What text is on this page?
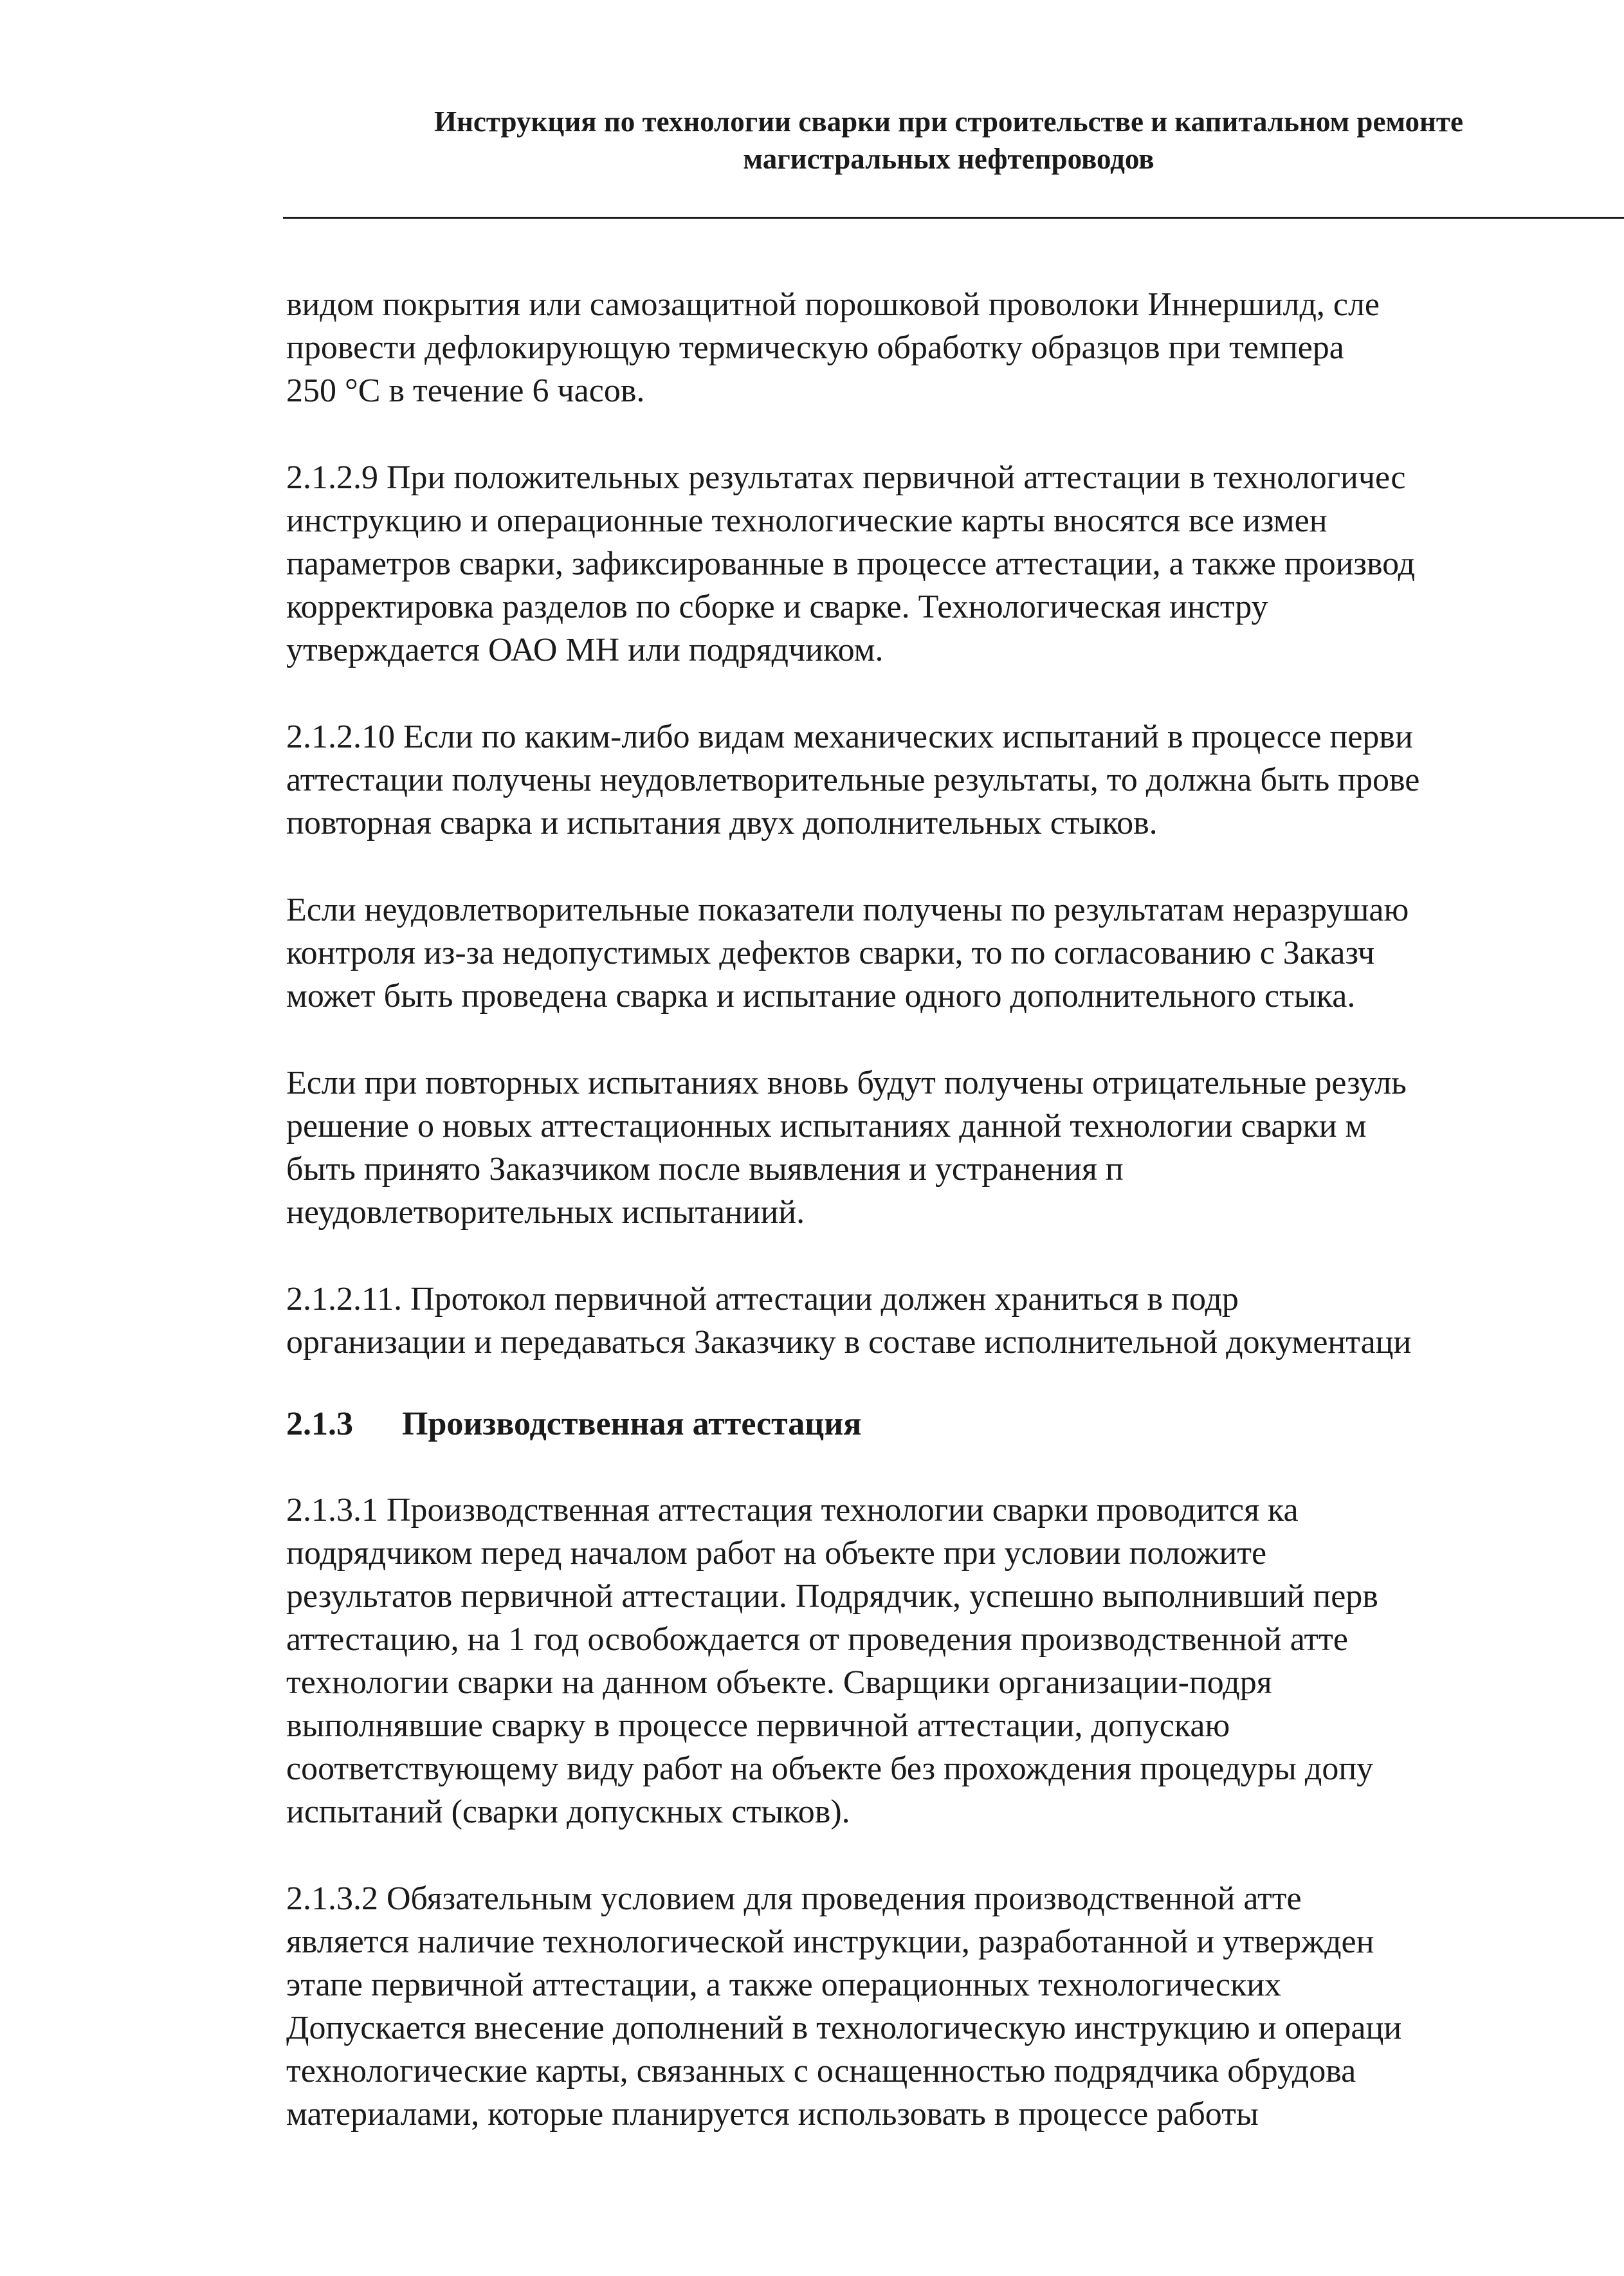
Инструкция по технологии сварки при строительстве и капитальном ремонте
магистральных нефтепроводов

видом покрытия или самозащитной порошковой проволоки Иннершилд, сле
провести дефлокирующую термическую обработку образцов при темпера
250 °С в течение 6 часов.

2.1.2.9 При положительных результатах первичной аттестации в технологичес
инструкцию и операционные технологические карты вносятся все измен
параметров сварки, зафиксированные в процессе аттестации, а также производ
корректировка разделов по сборке и сварке. Технологическая инстру
утверждается ОАО МН или подрядчиком.

2.1.2.10 Если по каким-либо видам механических испытаний в процессе перви
аттестации получены неудовлетворительные результаты, то должна быть прове
повторная сварка и испытания двух дополнительных стыков.

Если неудовлетворительные показатели получены по результатам неразрушаю
контроля из-за недопустимых дефектов сварки, то по согласованию с Заказч
может быть проведена сварка и испытание одного дополнительного стыка.

Если при повторных испытаниях вновь будут получены отрицательные резуль
решение о новых аттестационных испытаниях данной технологии сварки м
быть принято Заказчиком после выявления и устранения п
неудовлетворительных испытаниий.

2.1.2.11. Протокол первичной аттестации должен храниться в подр
организации и передаваться Заказчику в составе исполнительной документаци

2.1.3 Производственная аттестация

2.1.3.1 Производственная аттестация технологии сварки проводится ка
подрядчиком перед началом работ на объекте при условии положите
результатов первичной аттестации. Подрядчик, успешно выполнивший перв
аттестацию, на 1 год освобождается от проведения производственной атте
технологии сварки на данном объекте. Сварщики организации-подря
выполнявшие сварку в процессе первичной аттестации, допускаю
соответствующему виду работ на объекте без прохождения процедуры допу
испытаний (сварки допускных стыков).

2.1.3.2 Обязательным условием для проведения производственной атте
является наличие технологической инструкции, разработанной и утвержден
этапе первичной аттестации, а также операционных технологических
Допускается внесение дополнений в технологическую инструкцию и операци
технологические карты, связанных с оснащенностью подрядчика обрудова
материалами, которые планируется использовать в процессе работы
